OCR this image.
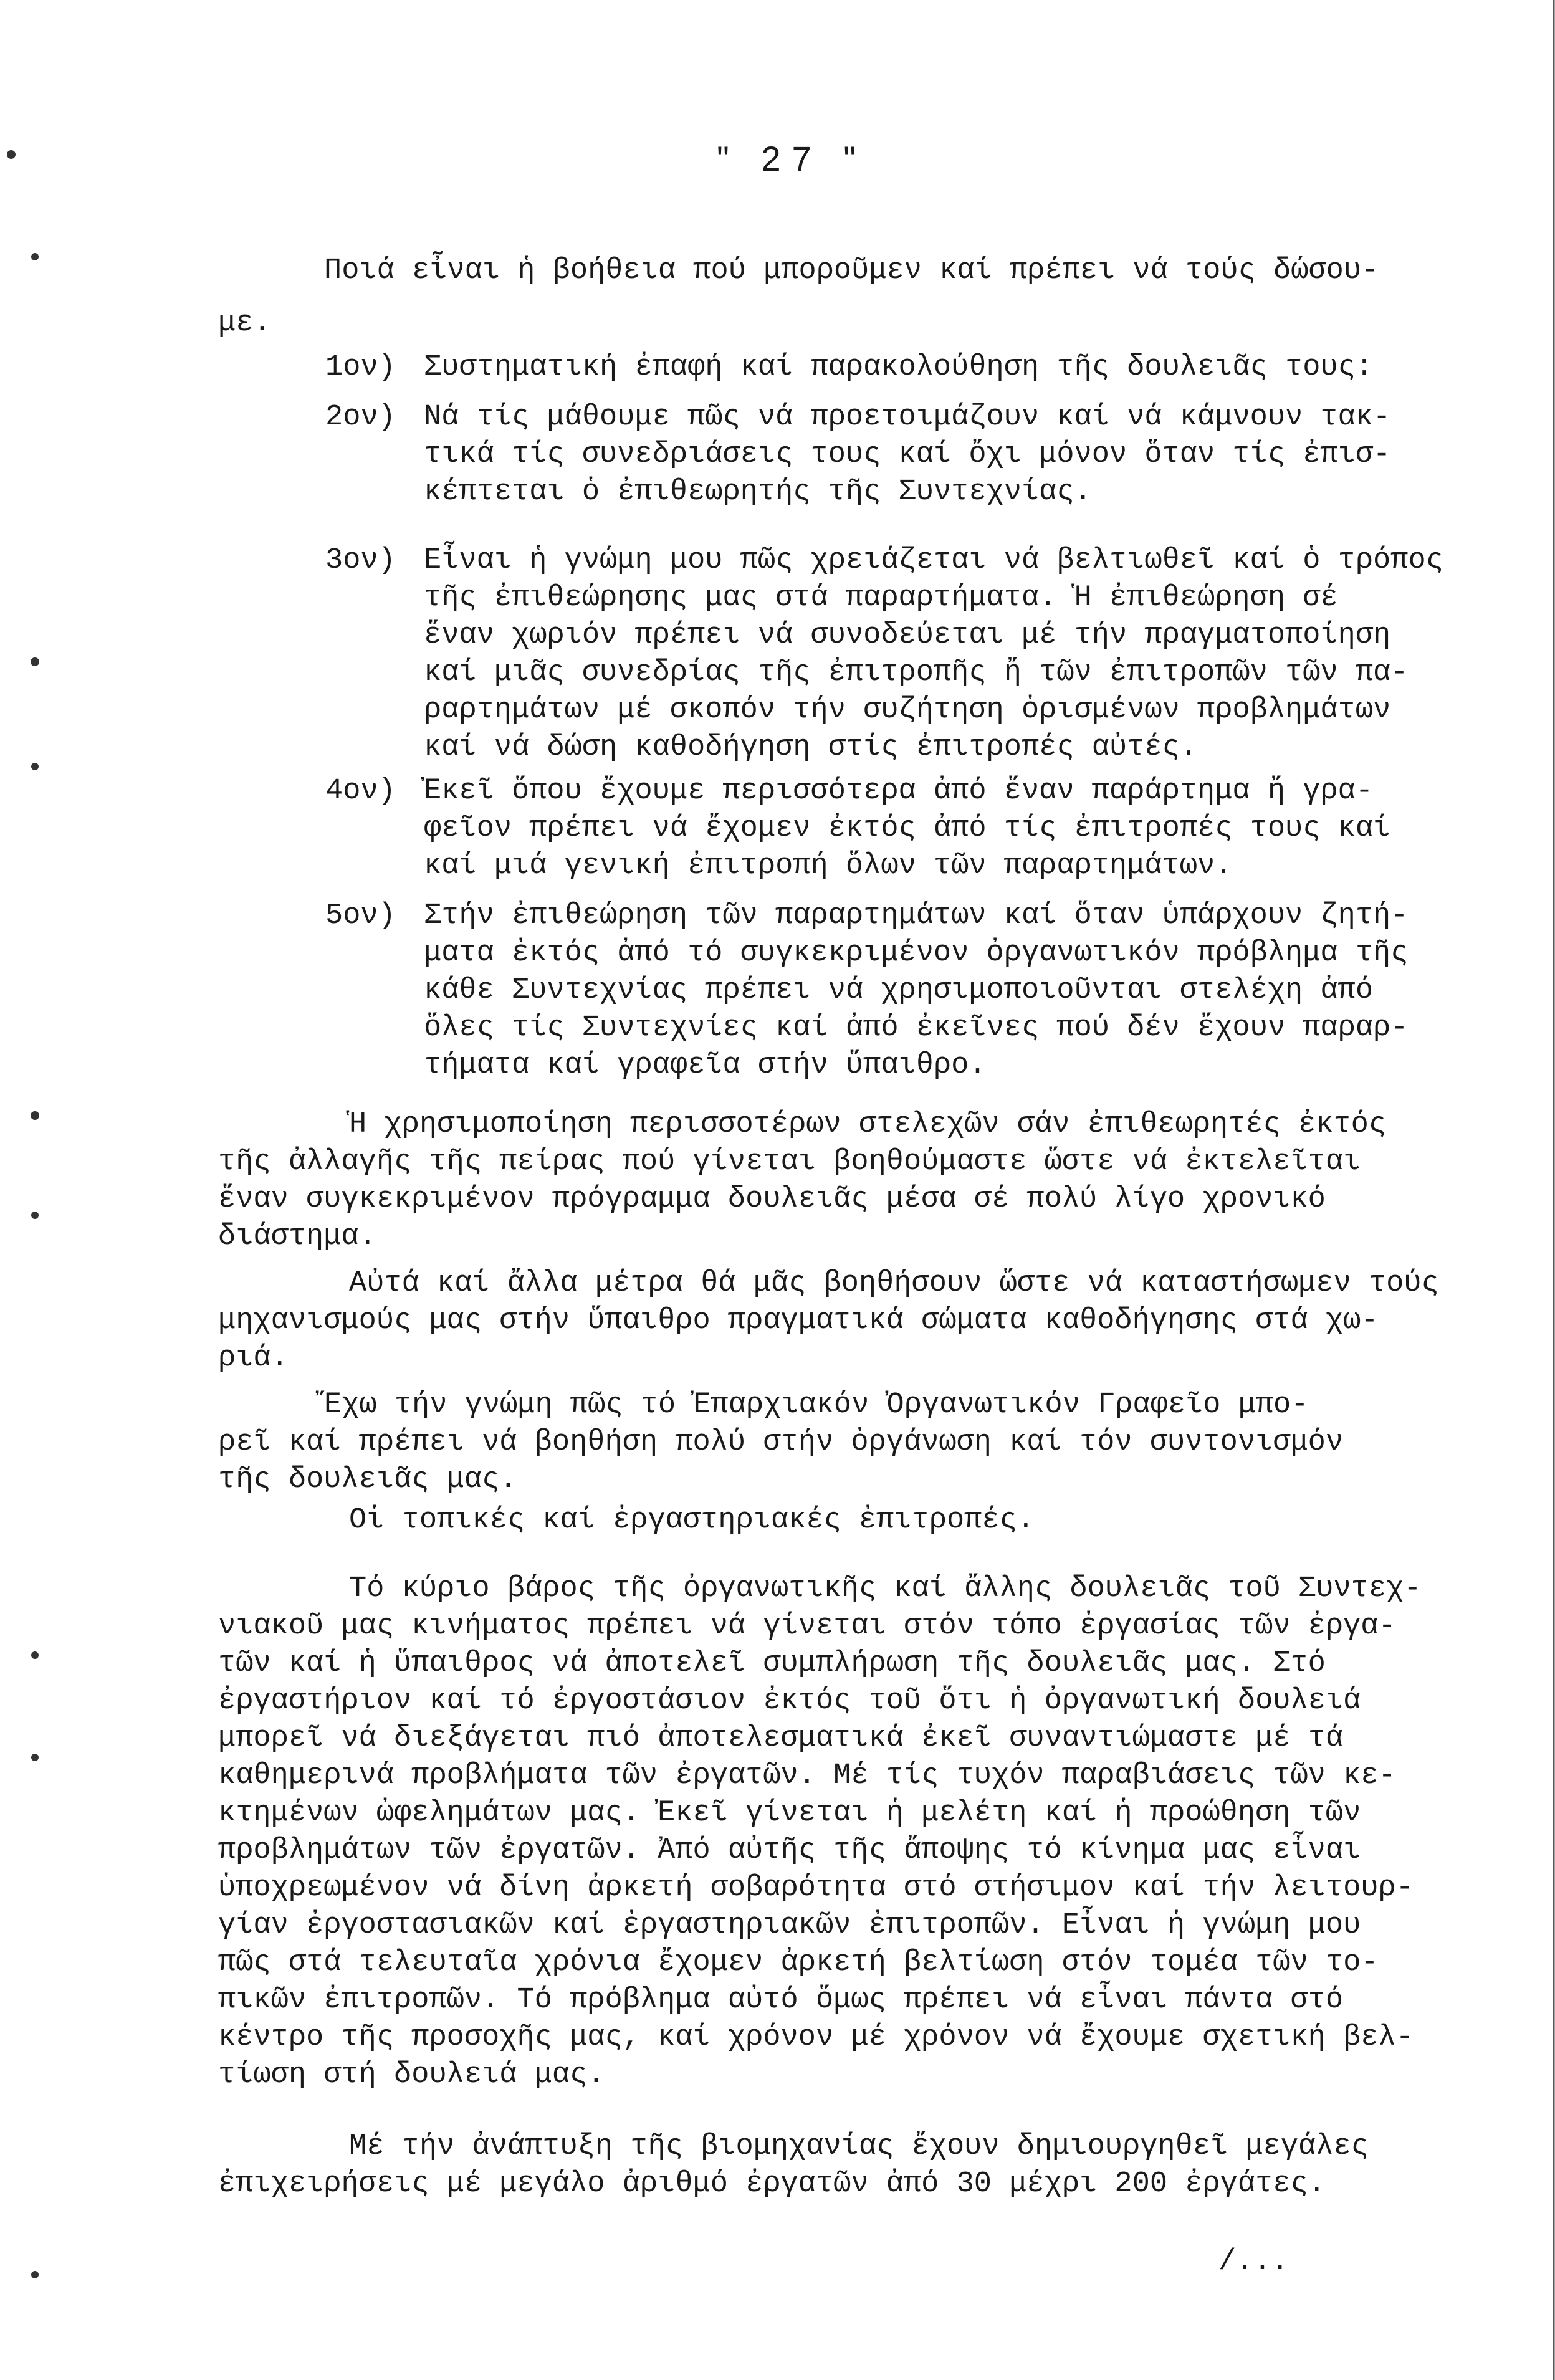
" 27 "
Ποιά εἶναι ἡ βοήθεια πού μποροῦμεν καί πρέπει νά τούς δώσου-
με.
1ον) Συστηματική ἐπαφή καί παρακολούθηση τῆς δουλειᾶς τους:
2ον) Νά τίς μάθουμε πῶς νά προετοιμάζουν καί νά κάμνουν τακ-
τικά τίς συνεδριάσεις τους καί ὄχι μόνον ὅταν τίς ἐπισ-
κέπτεται ὁ ἐπιθεωρητής τῆς Συντεχνίας.
3ον) Εἶναι ἡ γνώμη μου πῶς χρειάζεται νά βελτιωθεῖ καί ὁ τρόπος
τῆς ἐπιθεώρησης μας στά παραρτήματα. Ἡ ἐπιθεώρηση σέ
ἕναν χωριόν πρέπει νά συνοδεύεται μέ τήν πραγματοποίηση
καί μιᾶς συνεδρίας τῆς ἐπιτροπῆς ἤ τῶν ἐπιτροπῶν τῶν πα-
ραρτημάτων μέ σκοπόν τήν συζήτηση ὁρισμένων προβλημάτων
καί νά δώση καθοδήγηση στίς ἐπιτροπές αὐτές.
4ον) Ἐκεῖ ὅπου ἔχουμε περισσότερα ἀπό ἕναν παράρτημα ἤ γρα-
φεῖον πρέπει νά ἔχομεν ἐκτός ἀπό τίς ἐπιτροπές τους καί
καί μιά γενική ἐπιτροπή ὅλων τῶν παραρτημάτων.
5ον) Στήν ἐπιθεώρηση τῶν παραρτημάτων καί ὅταν ὑπάρχουν ζητή-
ματα ἐκτός ἀπό τό συγκεκριμένον ὀργανωτικόν πρόβλημα τῆς
κάθε Συντεχνίας πρέπει νά χρησιμοποιοῦνται στελέχη ἀπό
ὅλες τίς Συντεχνίες καί ἀπό ἐκεῖνες πού δέν ἔχουν παραρ-
τήματα καί γραφεῖα στήν ὕπαιθρο.
Ἡ χρησιμοποίηση περισσοτέρων στελεχῶν σάν ἐπιθεωρητές ἐκτός
τῆς ἀλλαγῆς τῆς πείρας πού γίνεται βοηθούμαστε ὥστε νά ἐκτελεῖται
ἕναν συγκεκριμένον πρόγραμμα δουλειᾶς μέσα σέ πολύ λίγο χρονικό
διάστημα.
Αὐτά καί ἄλλα μέτρα θά μᾶς βοηθήσουν ὥστε νά καταστήσωμεν τούς
μηχανισμούς μας στήν ὕπαιθρο πραγματικά σώματα καθοδήγησης στά χω-
ριά.
Ἔχω τήν γνώμη πῶς τό Ἐπαρχιακόν Ὀργανωτικόν Γραφεῖο μπο-
ρεῖ καί πρέπει νά βοηθήση πολύ στήν ὀργάνωση καί τόν συντονισμόν
τῆς δουλειᾶς μας.
Οἱ τοπικές καί ἐργαστηριακές ἐπιτροπές.
Τό κύριο βάρος τῆς ὀργανωτικῆς καί ἄλλης δουλειᾶς τοῦ Συντεχ-
νιακοῦ μας κινήματος πρέπει νά γίνεται στόν τόπο ἐργασίας τῶν ἐργα-
τῶν καί ἡ ὕπαιθρος νά ἀποτελεῖ συμπλήρωση τῆς δουλειᾶς μας. Στό
ἐργαστήριον καί τό ἐργοστάσιον ἐκτός τοῦ ὅτι ἡ ὀργανωτική δουλειά
μπορεῖ νά διεξάγεται πιό ἀποτελεσματικά ἐκεῖ συναντιώμαστε μέ τά
καθημερινά προβλήματα τῶν ἐργατῶν. Μέ τίς τυχόν παραβιάσεις τῶν κε-
κτημένων ὠφελημάτων μας. Ἐκεῖ γίνεται ἡ μελέτη καί ἡ προώθηση τῶν
προβλημάτων τῶν ἐργατῶν. Ἀπό αὐτῆς τῆς ἄποψης τό κίνημα μας εἶναι
ὑποχρεωμένον νά δίνη ἀρκετή σοβαρότητα στό στήσιμον καί τήν λειτουρ-
γίαν ἐργοστασιακῶν καί ἐργαστηριακῶν ἐπιτροπῶν. Εἶναι ἡ γνώμη μου
πῶς στά τελευταῖα χρόνια ἔχομεν ἀρκετή βελτίωση στόν τομέα τῶν το-
πικῶν ἐπιτροπῶν. Τό πρόβλημα αὐτό ὅμως πρέπει νά εἶναι πάντα στό
κέντρο τῆς προσοχῆς μας, καί χρόνον μέ χρόνον νά ἔχουμε σχετική βελ-
τίωση στή δουλειά μας.
Μέ τήν ἀνάπτυξη τῆς βιομηχανίας ἔχουν δημιουργηθεῖ μεγάλες
ἐπιχειρήσεις μέ μεγάλο ἀριθμό ἐργατῶν ἀπό 30 μέχρι 200 ἐργάτες.
/...
